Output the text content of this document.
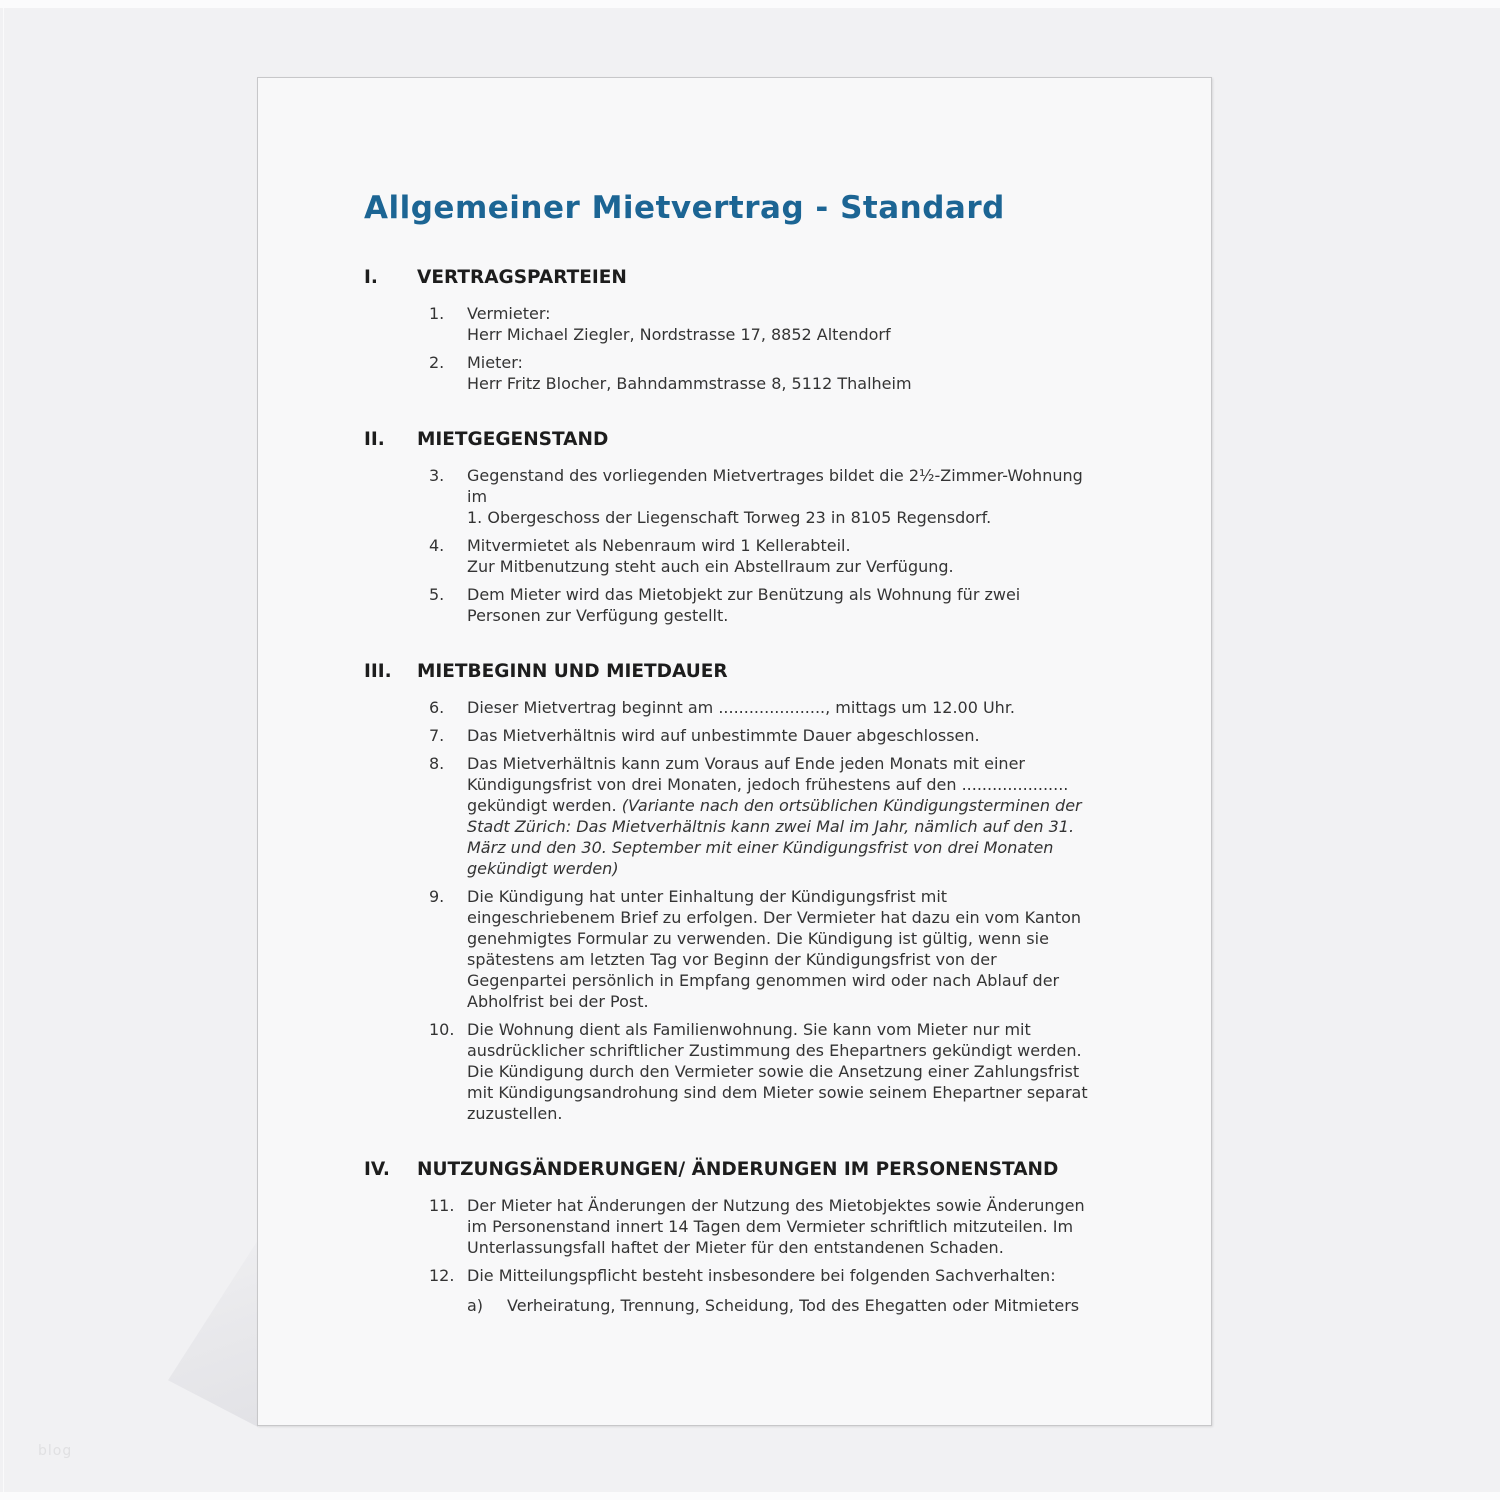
blog
Allgemeiner Mietvertrag - Standard
I.	VERTRAGSPARTEIEN
1.	Vermieter:
Herr Michael Ziegler, Nordstrasse 17, 8852 Altendorf
2.	Mieter:
Herr Fritz Blocher, Bahndammstrasse 8, 5112 Thalheim
II.	MIETGEGENSTAND
3.	Gegenstand des vorliegenden Mietvertrages bildet die 2½-Zimmer-Wohnung
im
1. Obergeschoss der Liegenschaft Torweg 23 in 8105 Regensdorf.
4.	Mitvermietet als Nebenraum wird 1 Kellerabteil.
Zur Mitbenutzung steht auch ein Abstellraum zur Verfügung.
5.	Dem Mieter wird das Mietobjekt zur Benützung als Wohnung für zwei
Personen zur Verfügung gestellt.
III.	MIETBEGINN UND MIETDAUER
6.	Dieser Mietvertrag beginnt am ....................., mittags um 12.00 Uhr.
7.	Das Mietverhältnis wird auf unbestimmte Dauer abgeschlossen.
8.	Das Mietverhältnis kann zum Voraus auf Ende jeden Monats mit einer
Kündigungsfrist von drei Monaten, jedoch frühestens auf den .....................
gekündigt werden. (Variante nach den ortsüblichen Kündigungsterminen der
Stadt Zürich: Das Mietverhältnis kann zwei Mal im Jahr, nämlich auf den 31.
März und den 30. September mit einer Kündigungsfrist von drei Monaten
gekündigt werden)
9.	Die Kündigung hat unter Einhaltung der Kündigungsfrist mit
eingeschriebenem Brief zu erfolgen. Der Vermieter hat dazu ein vom Kanton
genehmigtes Formular zu verwenden. Die Kündigung ist gültig, wenn sie
spätestens am letzten Tag vor Beginn der Kündigungsfrist von der
Gegenpartei persönlich in Empfang genommen wird oder nach Ablauf der
Abholfrist bei der Post.
10. Die Wohnung dient als Familienwohnung. Sie kann vom Mieter nur mit
ausdrücklicher schriftlicher Zustimmung des Ehepartners gekündigt werden.
Die Kündigung durch den Vermieter sowie die Ansetzung einer Zahlungsfrist
mit Kündigungsandrohung sind dem Mieter sowie seinem Ehepartner separat
zuzustellen.
IV.	NUTZUNGSÄNDERUNGEN/ ÄNDERUNGEN IM PERSONENSTAND
11. Der Mieter hat Änderungen der Nutzung des Mietobjektes sowie Änderungen
im Personenstand innert 14 Tagen dem Vermieter schriftlich mitzuteilen. Im
Unterlassungsfall haftet der Mieter für den entstandenen Schaden.
12. Die Mitteilungspflicht besteht insbesondere bei folgenden Sachverhalten:
a)	Verheiratung, Trennung, Scheidung, Tod des Ehegatten oder Mitmieters
